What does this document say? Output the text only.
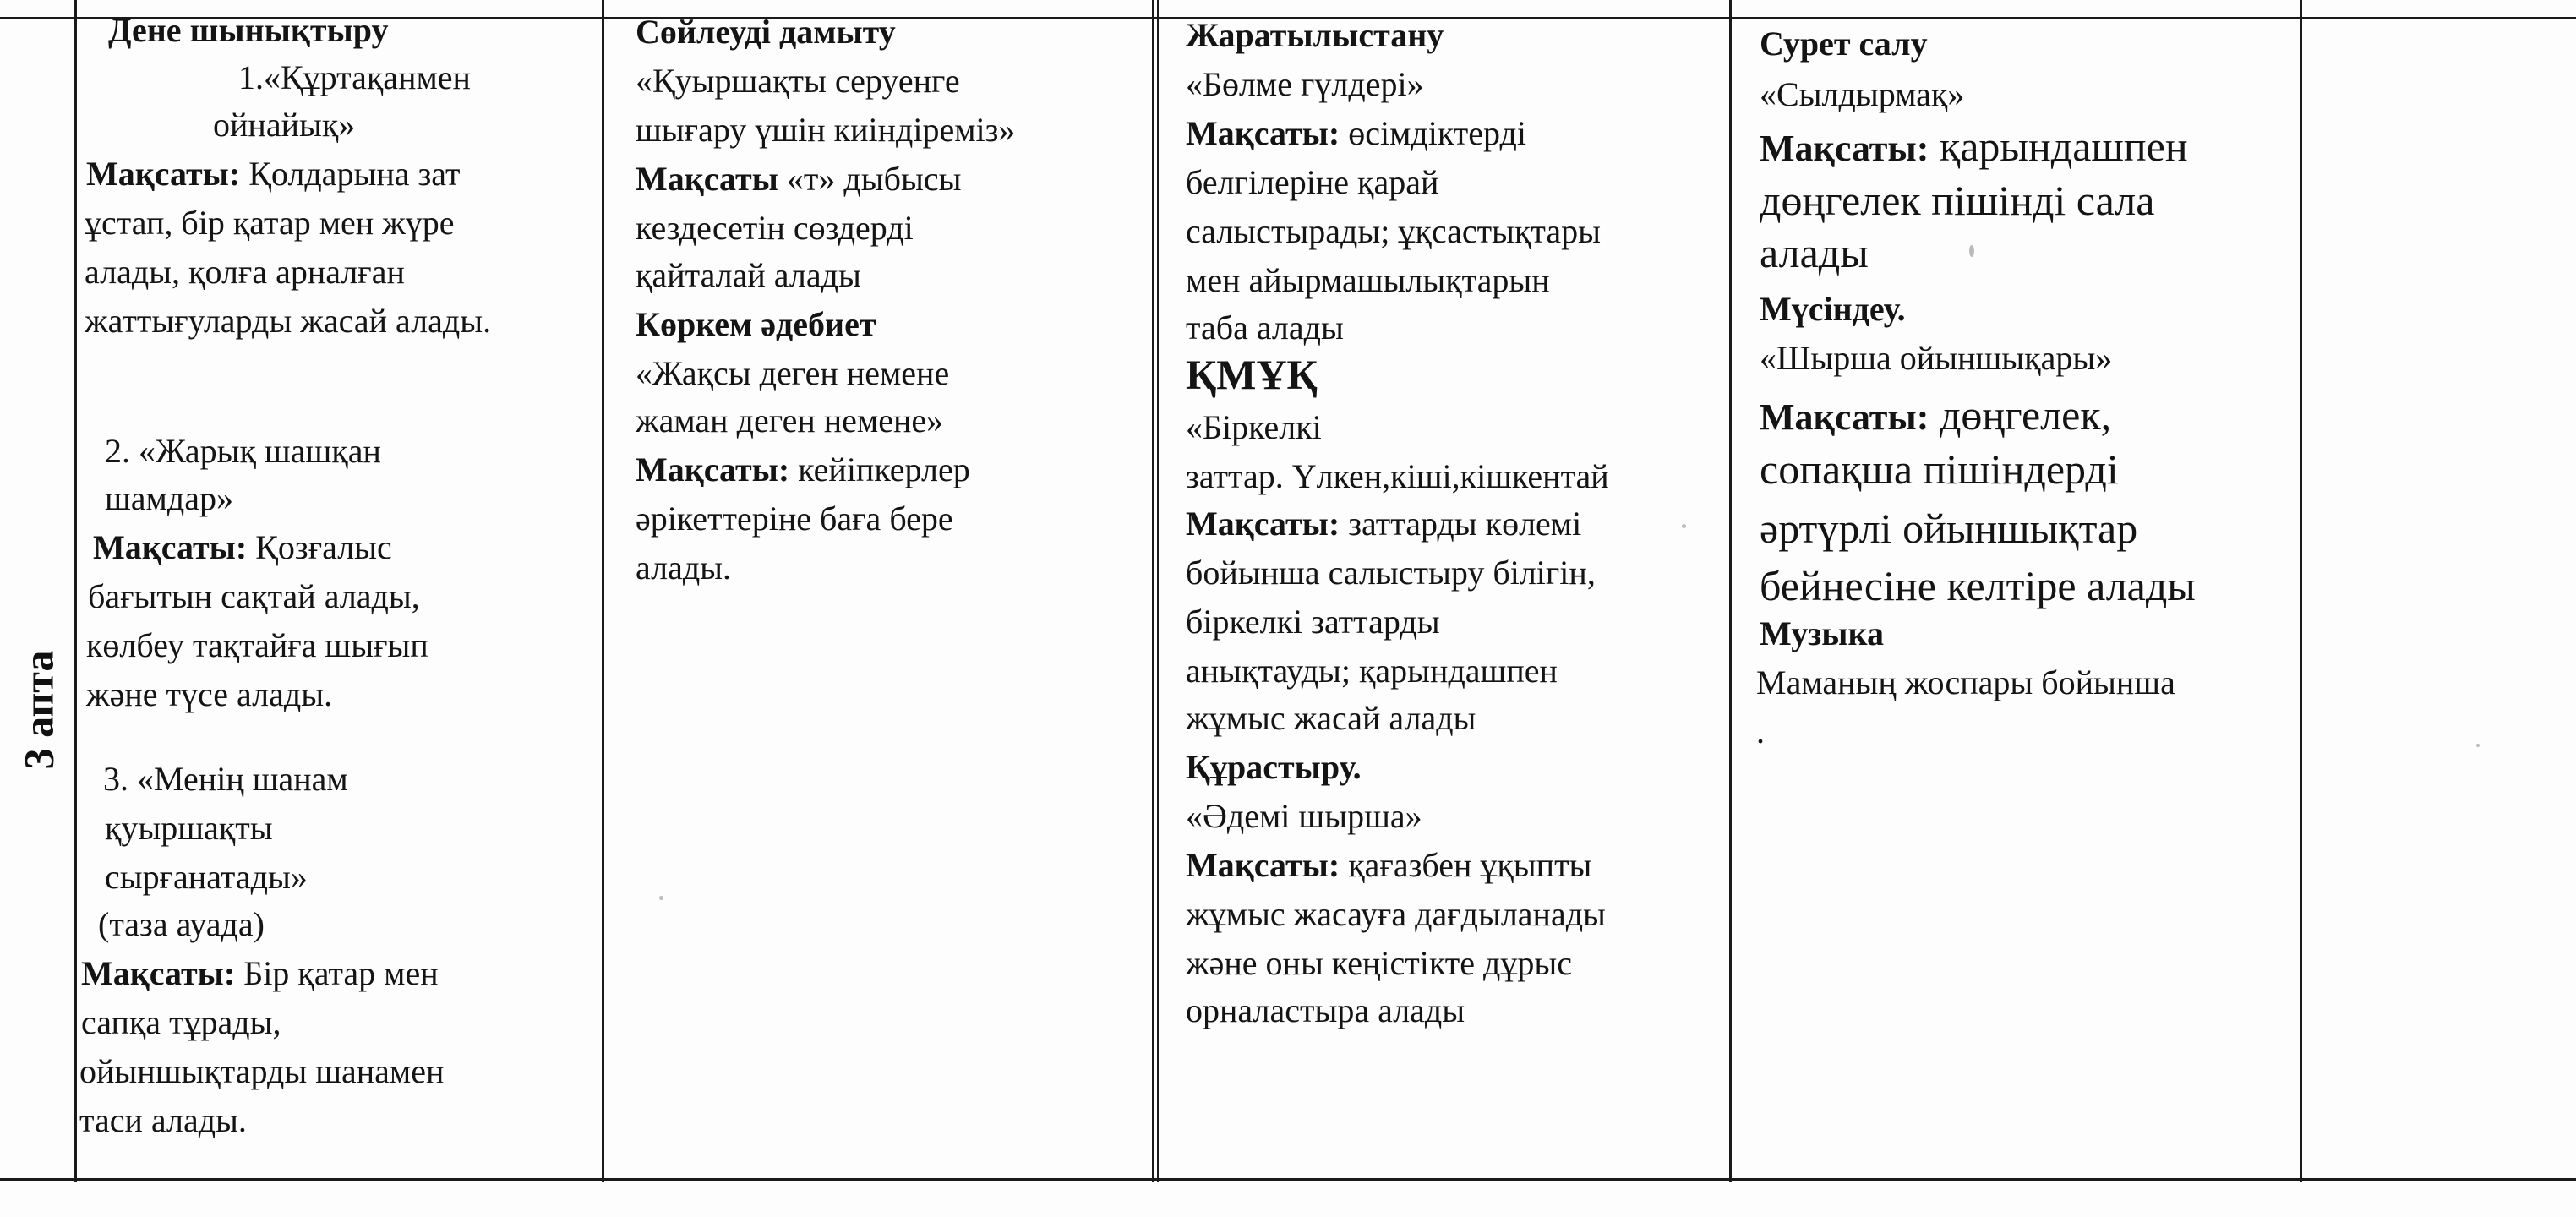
3 апта
Дене шынықтыру
1.«Құртақанмен
ойнайық»
Мақсаты: Қолдарына зат
ұстап, бір қатар мен жүре
алады, қолға арналған
жаттығуларды жасай алады.
2. «Жарық шашқан
шамдар»
Мақсаты: Қозғалыс
бағытын сақтай алады,
көлбеу тақтайға шығып
және түсе алады.
3. «Менің шанам
қуыршақты
сырғанатады»
(таза ауада)
Мақсаты: Бір қатар мен
сапқа тұрады,
ойыншықтарды шанамен
таси алады.
Сөйлеуді дамыту
«Қуыршақты серуенге
шығару үшін киіндіреміз»
Мақсаты «т» дыбысы
кездесетін сөздерді
қайталай алады
Көркем әдебиет
«Жақсы деген немене
жаман деген немене»
Мақсаты: кейіпкерлер
әрікеттеріне баға бере
алады.
Жаратылыстану
«Бөлме гүлдері»
Мақсаты: өсімдіктерді
белгілеріне қарай
салыстырады; ұқсастықтары
мен айырмашылықтарын
таба алады
ҚМҰҚ
«Біркелкі
заттар. Үлкен,кіші,кішкентай
Мақсаты: заттарды көлемі
бойынша салыстыру білігін,
біркелкі заттарды
анықтауды; қарындашпен
жұмыс жасай алады
Құрастыру.
«Әдемі шырша»
Мақсаты: қағазбен ұқыпты
жұмыс жасауға дағдыланады
және оны кеңістікте дұрыс
орналастыра алады
Сурет салу
«Сылдырмақ»
Мақсаты: қарындашпен
дөңгелек пішінді сала
алады
Мүсіндеу.
«Шырша ойыншықары»
Мақсаты: дөңгелек,
сопақша пішіндерді
әртүрлі ойыншықтар
бейнесіне келтіре алады
Музыка
Маманың жоспары бойынша
.
